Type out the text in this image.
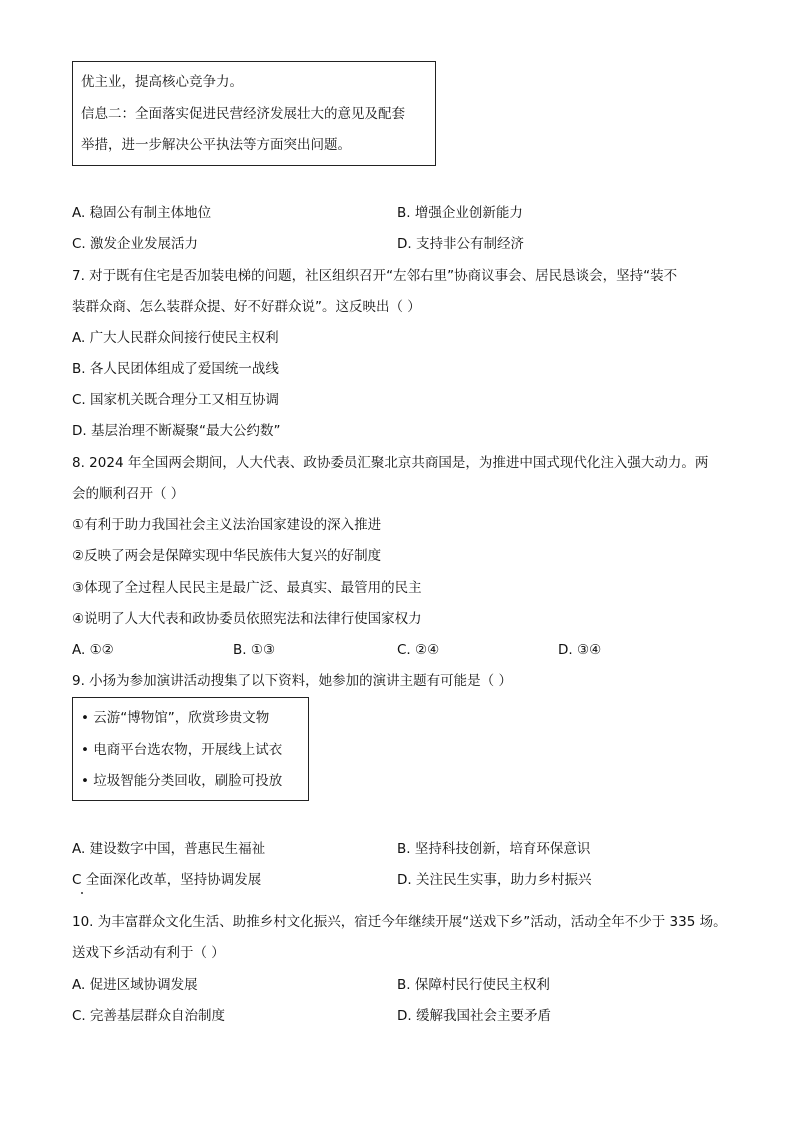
优主业，提高核心竞争力。
信息二：全面落实促进民营经济发展壮大的意见及配套
举措，进一步解决公平执法等方面突出问题。
A. 稳固公有制主体地位	B. 增强企业创新能力
C. 激发企业发展活力	D. 支持非公有制经济
7. 对于既有住宅是否加装电梯的问题，社区组织召开“左邻右里”协商议事会、居民恳谈会，坚持“装不
装群众商、怎么装群众提、好不好群众说”。这反映出（ ）
A. 广大人民群众间接行使民主权利
B. 各人民团体组成了爱国统一战线
C. 国家机关既合理分工又相互协调
D. 基层治理不断凝聚“最大公约数”
8. 2024 年全国两会期间，人大代表、政协委员汇聚北京共商国是，为推进中国式现代化注入强大动力。两
会的顺利召开（ ）
①有利于助力我国社会主义法治国家建设的深入推进
②反映了两会是保障实现中华民族伟大复兴的好制度
③体现了全过程人民民主是最广泛、最真实、最管用的民主
④说明了人大代表和政协委员依照宪法和法律行使国家权力
A. ①②	B. ①③	C. ②④	D. ③④
9. 小扬为参加演讲活动搜集了以下资料，她参加的演讲主题有可能是（ ）
• 云游“博物馆”，欣赏珍贵文物
• 电商平台选农物，开展线上试衣
• 垃圾智能分类回收，刷脸可投放
A. 建设数字中国，普惠民生福祉	B. 坚持科技创新，培育环保意识
C 全面深化改革，坚持协调发展	D. 关注民生实事，助力乡村振兴
10. 为丰富群众文化生活、助推乡村文化振兴，宿迁今年继续开展“送戏下乡”活动，活动全年不少于 335 场。
送戏下乡活动有利于（ ）
A. 促进区域协调发展	B. 保障村民行使民主权利
C. 完善基层群众自治制度	D. 缓解我国社会主要矛盾
